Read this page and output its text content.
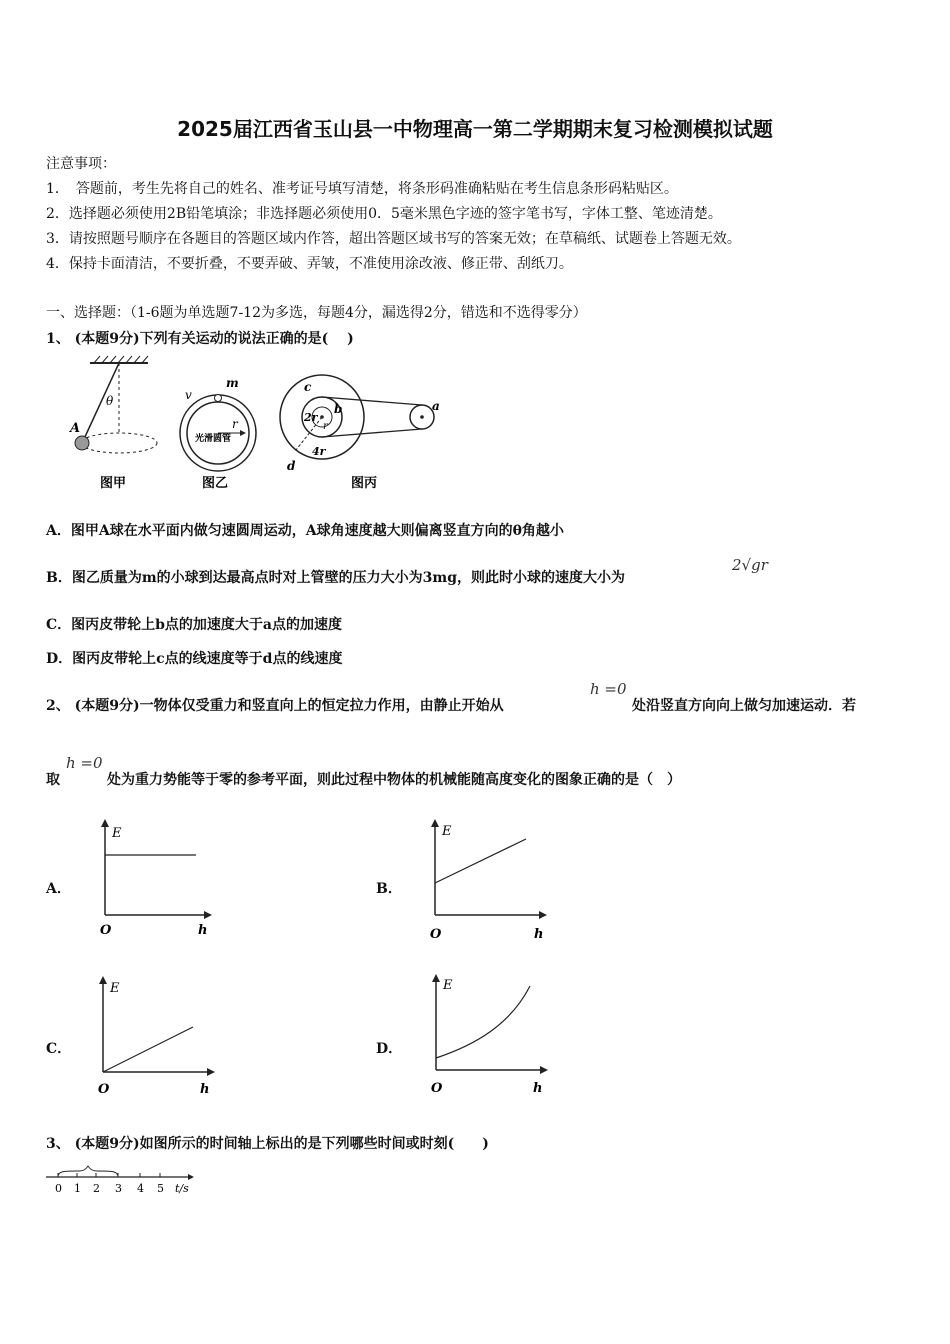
2025届江西省玉山县一中物理高一第二学期期末复习检测模拟试题
注意事项：
1．　答题前，考生先将自己的姓名、准考证号填写清楚，将条形码准确粘贴在考生信息条形码粘贴区。
2．选择题必须使用2B铅笔填涂；非选择题必须使用0．5毫米黑色字迹的签字笔书写，字体工整、笔迹清楚。
3．请按照题号顺序在各题目的答题区域内作答，超出答题区域书写的答案无效；在草稿纸、试题卷上答题无效。
4．保持卡面清洁，不要折叠，不要弄破、弄皱，不准使用涂改液、修正带、刮纸刀。
一、选择题：（1-6题为单选题7-12为多选，每题4分，漏选得2分，错选和不选得零分）
1、 (本题9分)下列有关运动的说法正确的是(　 )
A
θ
图甲
v
m
r
光滑圆管
图乙
c
b	a
d
2r
r
4r
图丙
A．图甲A球在水平面内做匀速圆周运动，A球角速度越大则偏离竖直方向的θ角越小
B．图乙质量为m的小球到达最高点时对上管壁的压力大小为3mg，则此时小球的速度大小为
2√gr
C．图丙皮带轮上b点的加速度大于a点的加速度
D．图丙皮带轮上c点的线速度等于d点的线速度
2、 (本题9分)一物体仅受重力和竖直向上的恒定拉力作用，由静止开始从
h =0
处沿竖直方向向上做匀加速运动．若
取
h =0
处为重力势能等于零的参考平面，则此过程中物体的机械能随高度变化的图象正确的是（　）
A．
E
h
O
B．
E
h
O
C．
E
h
O
D．
E
h
O
3、 (本题9分)如图所示的时间轴上标出的是下列哪些时间或时刻(　　)
0 1 2 3 4 5 t/s
